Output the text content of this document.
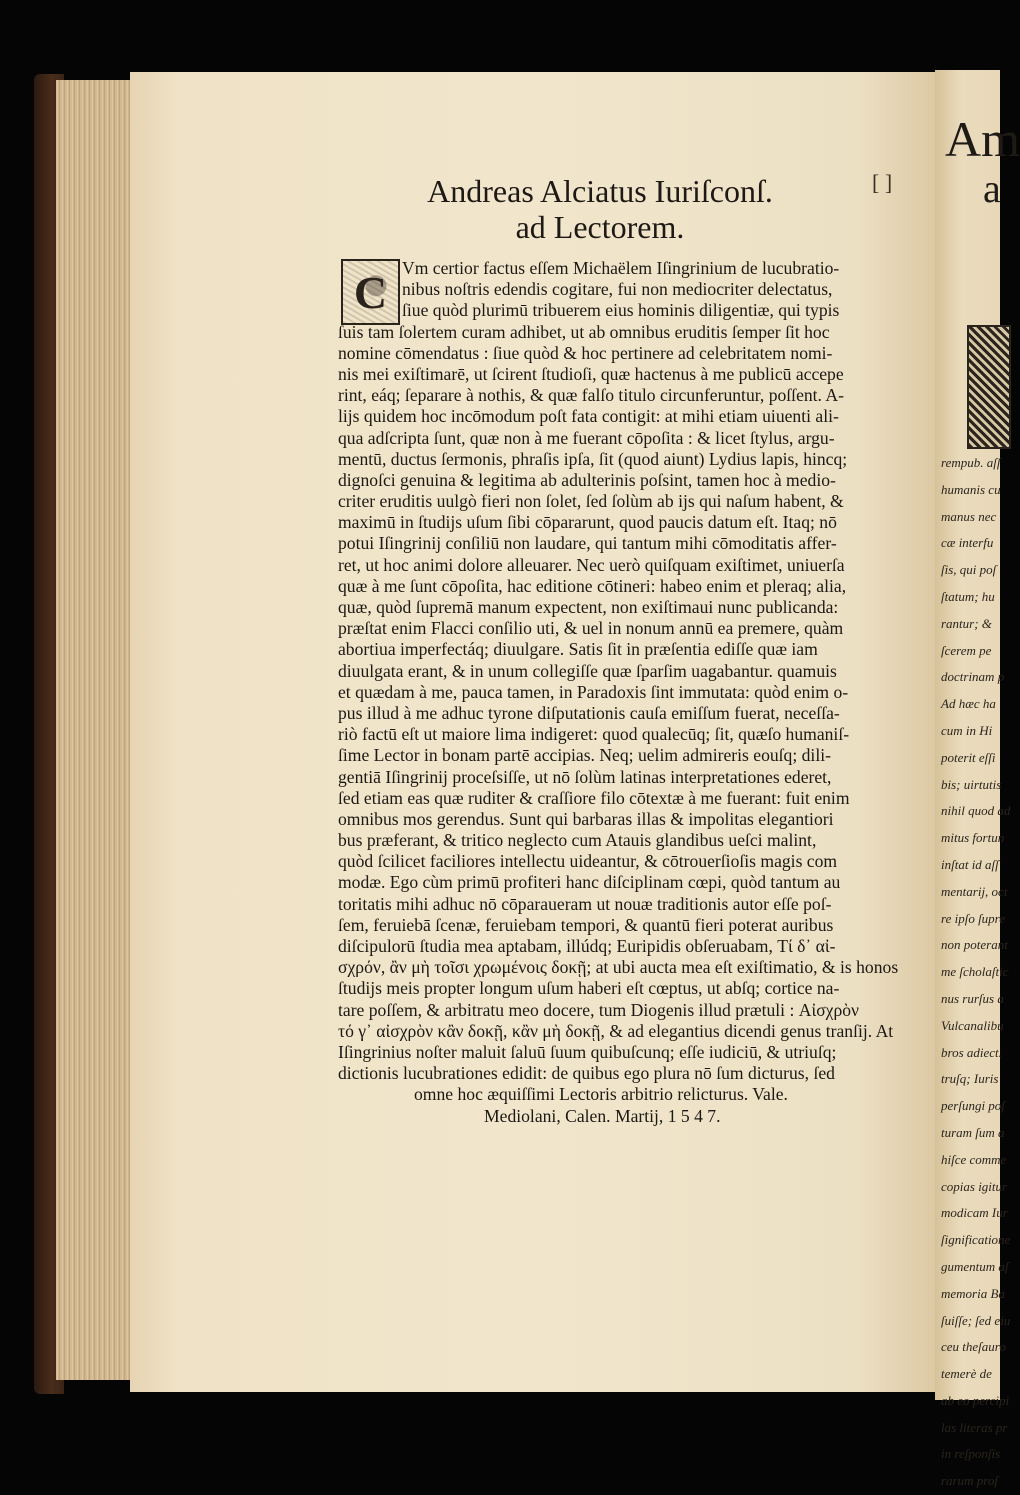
Am
a
rempub. aſſ
humanis cu
manus nec
cæ interfu
ſis, qui poſ
ſtatum; hu
rantur; &
ſcerem pe
doctrinam p
Ad hæc ha
cum in Hi
poterit eſſi
bis; uirtutis
nihil quod ad
mitus fortun
inſtat id aſſ
mentarij, oct
re ipſo ſupre
non poterant
me ſcholaſtic
nus rurſus a
Vulcanalibu
bros adiect.
truſq; Iuris
perſungi poſ
turam ſum a
hiſce comme
copias igitur
modicam Iur
ſignificatione
gumentum aſ
memoria Ba
ſuiſſe; ſed eiu
ceu theſauro
temerè de
ab eo percipi
las literas pr
in reſponſis
rarum proſ
Andreas Alciatus Iuriſconſ.
ad Lectorem.
[ ]
C Vm certior factus eſſem Michaëlem Iſingrinium de lucubratio-
nibus noſtris edendis cogitare, fui non mediocriter delectatus,
ſiue quòd plurimū tribuerem eius hominis diligentiæ, qui typis
ſuis tam ſolertem curam adhibet, ut ab omnibus eruditis ſemper ſit hoc
nomine cōmendatus : ſiue quòd & hoc pertinere ad celebritatem nomi-
nis mei exiſtimarē, ut ſcirent ſtudioſi, quæ hactenus à me publicū accepe
rint, eáq; ſeparare à nothis, & quæ falſo titulo circunferuntur, poſſent. A-
lijs quidem hoc incōmodum poſt fata contigit: at mihi etiam uiuenti ali-
qua adſcripta ſunt, quæ non à me fuerant cōpoſita : & licet ſtylus, argu-
mentū, ductus ſermonis, phraſis ipſa, ſit (quod aiunt) Lydius lapis, hincq;
dignoſci genuina & legitima ab adulterinis poſsint, tamen hoc à medio-
criter eruditis uulgò fieri non ſolet, ſed ſolùm ab ijs qui naſum habent, &
maximū in ſtudijs uſum ſibi cōpararunt, quod paucis datum eſt. Itaq; nō
potui Iſingrinij conſiliū non laudare, qui tantum mihi cōmoditatis affer-
ret, ut hoc animi dolore alleuarer. Nec uerò quiſquam exiſtimet, uniuerſa
quæ à me ſunt cōpoſita, hac editione cōtineri: habeo enim et pleraq; alia,
quæ, quòd ſupremā manum expectent, non exiſtimaui nunc publicanda:
præſtat enim Flacci conſilio uti, & uel in nonum annū ea premere, quàm
abortiua imperfectáq; diuulgare. Satis ſit in præſentia ediſſe quæ iam
diuulgata erant, & in unum collegiſſe quæ ſparſim uagabantur. quamuis
et quædam à me, pauca tamen, in Paradoxis ſint immutata: quòd enim o-
pus illud à me adhuc tyrone diſputationis cauſa emiſſum fuerat, neceſſa-
riò factū eſt ut maiore lima indigeret: quod qualecūq; ſit, quæſo humaniſ-
ſime Lector in bonam partē accipias. Neq; uelim admireris eouſq; dili-
gentiā Iſingrinij proceſsiſſe, ut nō ſolùm latinas interpretationes ederet,
ſed etiam eas quæ ruditer & craſſiore filo cōtextæ à me fuerant: fuit enim
omnibus mos gerendus. Sunt qui barbaras illas & impolitas elegantiori
bus præferant, & tritico neglecto cum Atauis glandibus ueſci malint,
quòd ſcilicet faciliores intellectu uideantur, & cōtrouerſioſis magis com
modæ. Ego cùm primū profiteri hanc diſciplinam cœpi, quòd tantum au
toritatis mihi adhuc nō cōparaueram ut nouæ traditionis autor eſſe poſ-
ſem, feruiebā ſcenæ, feruiebam tempori, & quantū fieri poterat auribus
diſcipulorū ſtudia mea aptabam, illúdq; Euripidis obſeruabam, Τί δ᾽ αἰ-
σχρόν, ἂν μὴ τοῖσι χρωμένοις δοκῇ; at ubi aucta mea eſt exiſtimatio, & is honos
ſtudijs meis propter longum uſum haberi eſt cœptus, ut abſq; cortice na-
tare poſſem, & arbitratu meo docere, tum Diogenis illud prætuli : Αἰσχρὸν
τό γ᾽ αἰσχρὸν κἂν δοκῇ, κἂν μὴ δοκῇ, & ad elegantius dicendi genus tranſij. At
Iſingrinius noſter maluit ſaluū ſuum quibuſcunq; eſſe iudiciū, & utriuſq;
dictionis lucubrationes edidit: de quibus ego plura nō ſum dicturus, ſed
omne hoc æquiſſimi Lectoris arbitrio relicturus. Vale.
Mediolani, Calen. Martij, 1 5 4 7.
